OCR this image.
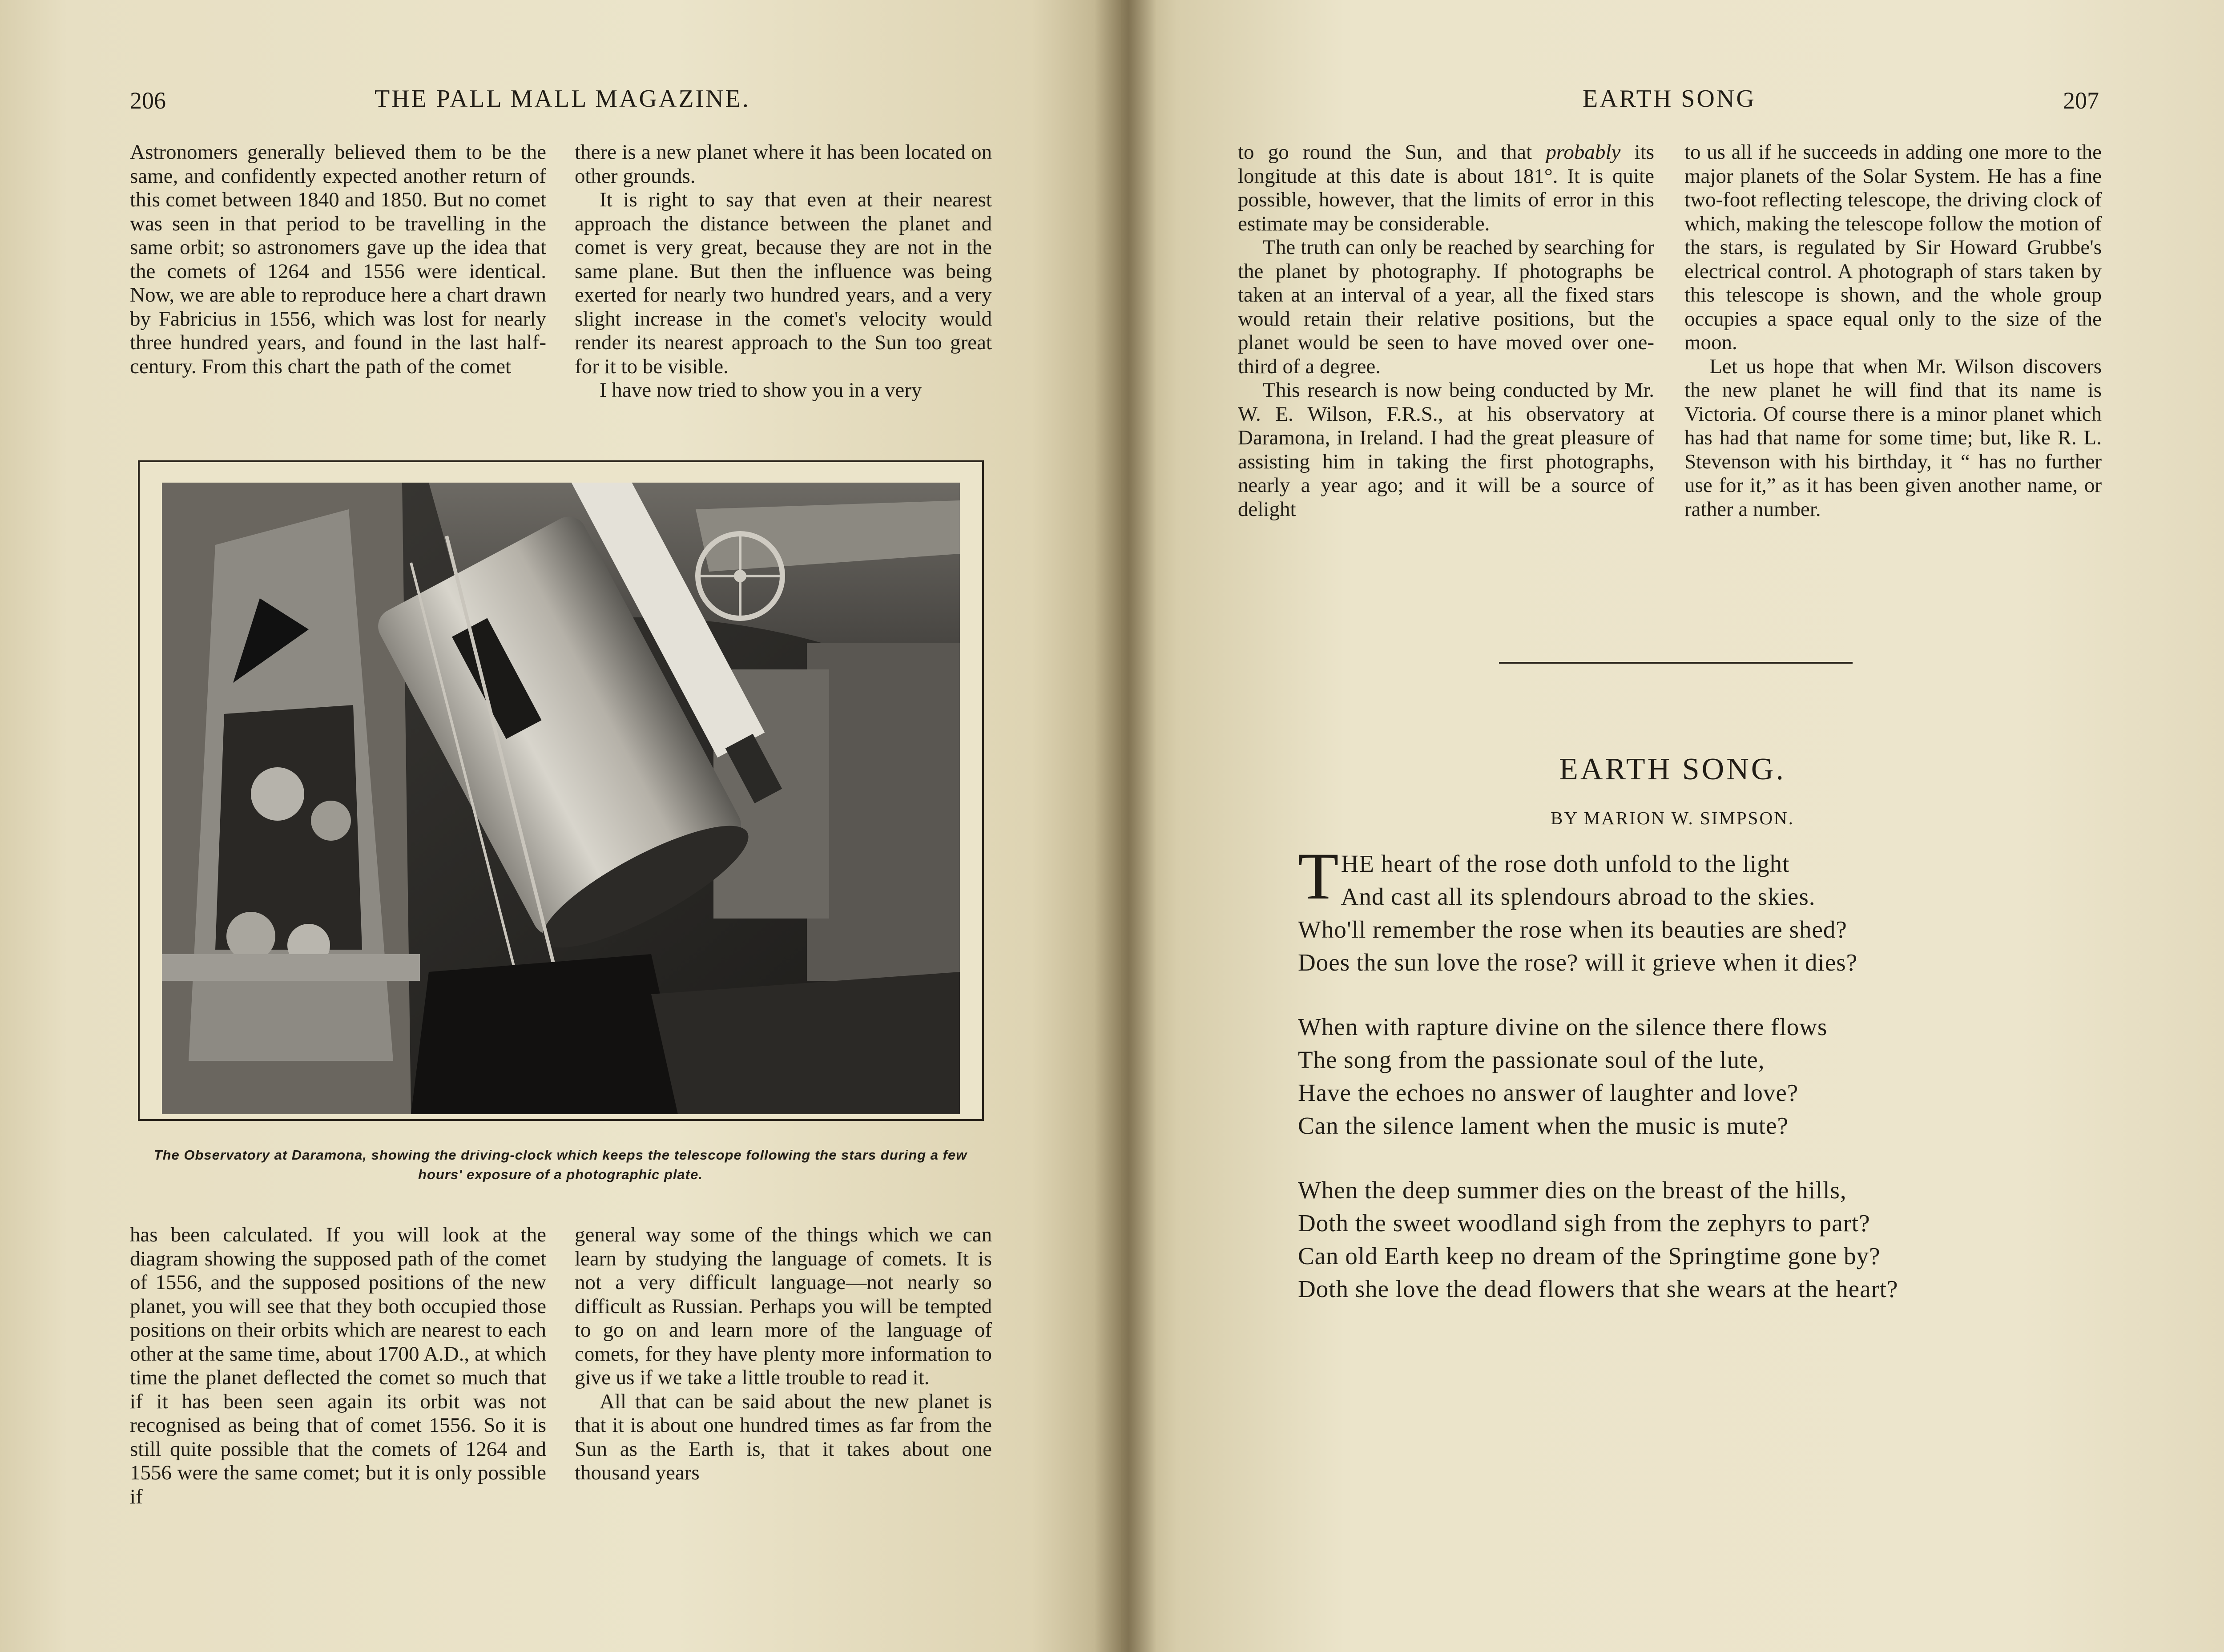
206	THE PALL MALL MAGAZINE.

Astronomers generally believed them to be the same, and confidently expected another return of this comet between 1840 and 1850. But no comet was seen in that period to be travelling in the same orbit; so astronomers gave up the idea that the comets of 1264 and 1556 were identical. Now, we are able to reproduce here a chart drawn by Fabricius in 1556, which was lost for nearly three hundred years, and found in the last half-century. From this chart the path of the comet

there is a new planet where it has been located on other grounds.

It is right to say that even at their nearest approach the distance between the planet and comet is very great, because they are not in the same plane. But then the influence was being exerted for nearly two hundred years, and a very slight increase in the comet's velocity would render its nearest approach to the Sun too great for it to be visible.

I have now tried to show you in a very

The Observatory at Daramona, showing the driving-clock which keeps the telescope following the stars during a few hours' exposure of a photographic plate.

has been calculated. If you will look at the diagram showing the supposed path of the comet of 1556, and the supposed positions of the new planet, you will see that they both occupied those positions on their orbits which are nearest to each other at the same time, about 1700 A.D., at which time the planet deflected the comet so much that if it has been seen again its orbit was not recognised as being that of comet 1556. So it is still quite possible that the comets of 1264 and 1556 were the same comet; but it is only possible if

general way some of the things which we can learn by studying the language of comets. It is not a very difficult language—not nearly so difficult as Russian. Perhaps you will be tempted to go on and learn more of the language of comets, for they have plenty more information to give us if we take a little trouble to read it.

All that can be said about the new planet is that it is about one hundred times as far from the Sun as the Earth is, that it takes about one thousand years

207
EARTH SONG

to go round the Sun, and that probably its longitude at this date is about 181°. It is quite possible, however, that the limits of error in this estimate may be considerable.

The truth can only be reached by searching for the planet by photography. If photographs be taken at an interval of a year, all the fixed stars would retain their relative positions, but the planet would be seen to have moved over one-third of a degree.

This research is now being conducted by Mr. W. E. Wilson, F.R.S., at his observatory at Daramona, in Ireland. I had the great pleasure of assisting him in taking the first photographs, nearly a year ago; and it will be a source of delight

to us all if he succeeds in adding one more to the major planets of the Solar System. He has a fine two-foot reflecting telescope, the driving clock of which, making the telescope follow the motion of the stars, is regulated by Sir Howard Grubbe's electrical control. A photograph of stars taken by this telescope is shown, and the whole group occupies a space equal only to the size of the moon.

Let us hope that when Mr. Wilson discovers the new planet he will find that its name is Victoria. Of course there is a minor planet which has had that name for some time; but, like R. L. Stevenson with his birthday, it “ has no further use for it,” as it has been given another name, or rather a number.

EARTH SONG.
BY MARION W. SIMPSON.
T HE heart of the rose doth unfold to the light
And cast all its splendours abroad to the skies.
Who'll remember the rose when its beauties are shed?
Does the sun love the rose? will it grieve when it dies?
When with rapture divine on the silence there flows
The song from the passionate soul of the lute,
Have the echoes no answer of laughter and love?
Can the silence lament when the music is mute?
When the deep summer dies on the breast of the hills,
Doth the sweet woodland sigh from the zephyrs to part?
Can old Earth keep no dream of the Springtime gone by?
Doth she love the dead flowers that she wears at the heart?
